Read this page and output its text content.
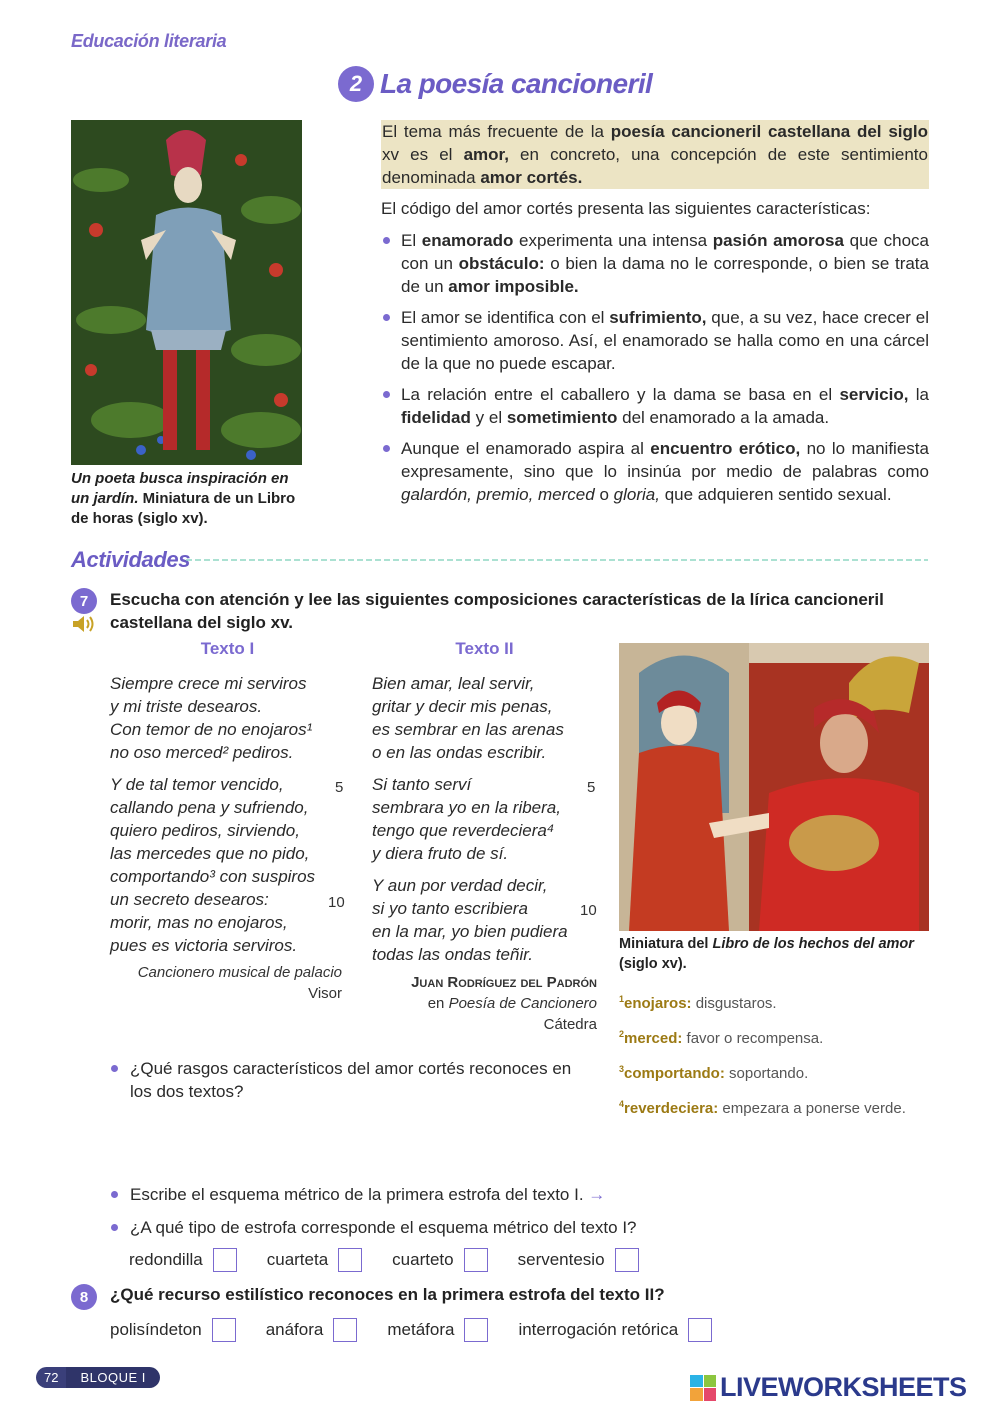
Educación literaria
2 La poesía cancioneril
Un poeta busca inspiración en un jardín. Miniatura de un Libro de horas (siglo xv).
El tema más frecuente de la poesía cancioneril castellana del siglo xv es el amor, en concreto, una concepción de este sentimiento denominada amor cortés.
El código del amor cortés presenta las siguientes características:
El enamorado experimenta una intensa pasión amorosa que choca con un obstáculo: o bien la dama no le corresponde, o bien se trata de un amor imposible.
El amor se identifica con el sufrimiento, que, a su vez, hace crecer el sentimiento amoroso. Así, el enamorado se halla como en una cárcel de la que no puede escapar.
La relación entre el caballero y la dama se basa en el servicio, la fidelidad y el sometimiento del enamorado a la amada.
Aunque el enamorado aspira al encuentro erótico, no lo manifiesta expresamente, sino que lo insinúa por medio de palabras como galardón, premio, merced o gloria, que adquieren sentido sexual.
Actividades
7	Escucha con atención y lee las siguientes composiciones características de la lírica cancioneril castellana del siglo xv.
Texto I
Siempre crece mi serviros
y mi triste desearos.
Con temor de no enojaros¹
no oso merced² pediros.
Y de tal temor vencido,
callando pena y sufriendo,
quiero pediros, sirviendo,
las mercedes que no pido,
comportando³ con suspiros
un secreto desearos:
morir, mas no enojaros,
pues es victoria serviros.
5
10
Cancionero musical de palacio
Visor
Texto II
Bien amar, leal servir,
gritar y decir mis penas,
es sembrar en las arenas
o en las ondas escribir.
Si tanto serví
sembrara yo en la ribera,
tengo que reverdeciera⁴
y diera fruto de sí.
Y aun por verdad decir,
si yo tanto escribiera
en la mar, yo bien pudiera
todas las ondas teñir.
5
10
Juan Rodríguez del Padrón
en Poesía de Cancionero
Cátedra
Miniatura del Libro de los hechos del amor (siglo xv).
$^1$enojaros: disgustaros.
$^2$merced: favor o recompensa.
$^3$comportando: soportando.
$^4$reverdeciera: empezara a ponerse verde.
¿Qué rasgos característicos del amor cortés reconoces en los dos textos?
Escribe el esquema métrico de la primera estrofa del texto I. →
¿A qué tipo de estrofa corresponde el esquema métrico del texto I?
redondilla	cuarteta	cuarteto	serventesio
8	¿Qué recurso estilístico reconoces en la primera estrofa del texto II?
polisíndeton	anáfora	metáfora	interrogación retórica
72	BLOQUE I	LIVEWORKSHEETS
